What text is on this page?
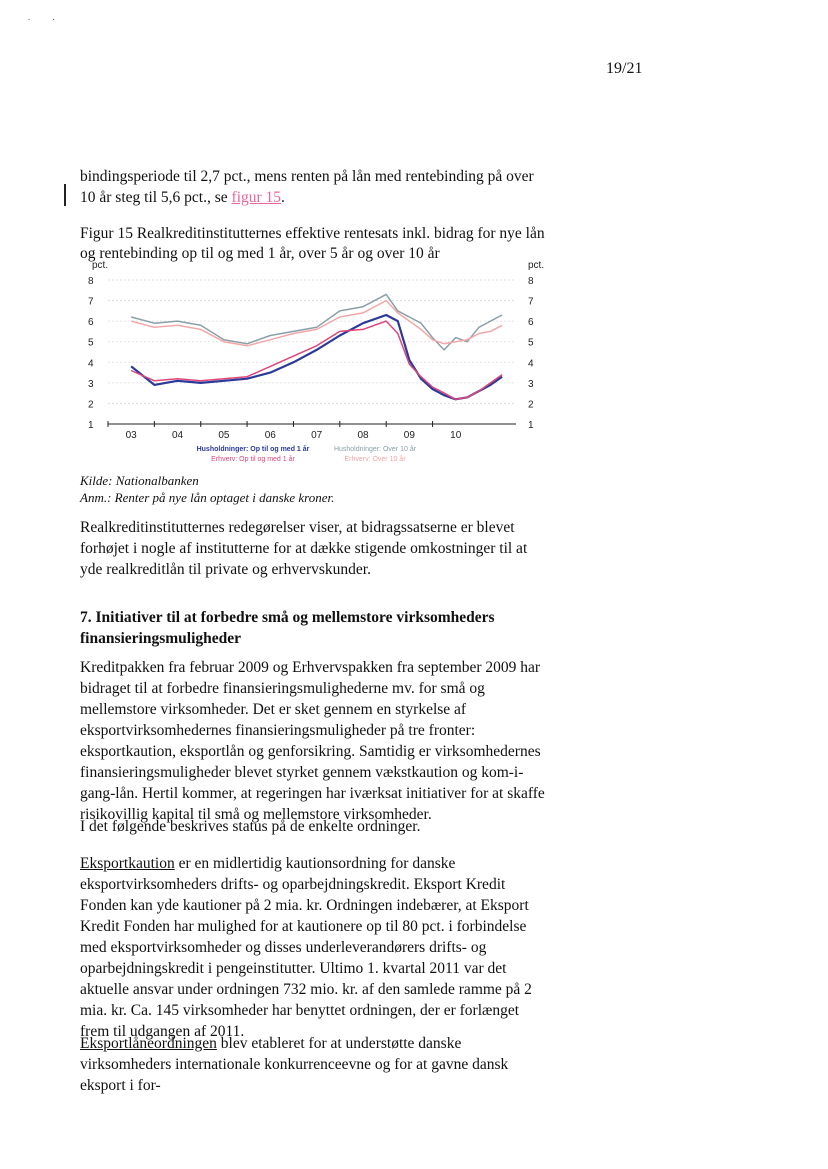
. .
19/21

bindingsperiode til 2,7 pct., mens renten på lån med rentebinding på over

10 år steg til 5,6 pct., se figur 15.

Figur 15 Realkreditinstitutternes effektive rentesats inkl. bidrag for nye lån og rentebinding op til og med 1 år, over 5 år og over 10 år
pct.	pct.
1	1
2	2
3	3
4	4
5	5
6	6
7	7
8	8
03	04	05	06	07	08	09	10
Husholdninger: Op til og med 1 år	Husholdninger: Over 10 år
Erhverv: Op til og med 1 år	Erhverv: Over 10 år
Kilde: Nationalbanken
Anm.: Renter på nye lån optaget i danske kroner.

Realkreditinstitutternes redegørelser viser, at bidragssatserne er blevet forhøjet i nogle af institutterne for at dække stigende omkostninger til at yde realkreditlån til private og erhvervskunder.

7. Initiativer til at forbedre små og mellemstore virksomheders finansieringsmuligheder

Kreditpakken fra februar 2009 og Erhvervspakken fra september 2009 har bidraget til at forbedre finansieringsmulighederne mv. for små og mellemstore virksomheder. Det er sket gennem en styrkelse af eksportvirksomhedernes finansieringsmuligheder på tre fronter: eksportkaution, eksportlån og genforsikring. Samtidig er virksomhedernes finansieringsmuligheder blevet styrket gennem vækstkaution og kom-i-gang-lån. Hertil kommer, at regeringen har iværksat initiativer for at skaffe risikovillig kapital til små og mellemstore virksomheder.

I det følgende beskrives status på de enkelte ordninger.

Eksportkaution er en midlertidig kautionsordning for danske eksportvirksomheders drifts- og oparbejdningskredit. Eksport Kredit Fonden kan yde kautioner på 2 mia. kr. Ordningen indebærer, at Eksport Kredit Fonden har mulighed for at kautionere op til 80 pct. i forbindelse med eksportvirksomheder og disses underleverandørers drifts- og oparbejdningskredit i pengeinstitutter. Ultimo 1. kvartal 2011 var det aktuelle ansvar under ordningen 732 mio. kr. af den samlede ramme på 2 mia. kr. Ca. 145 virksomheder har benyttet ordningen, der er forlænget frem til udgangen af 2011.

Eksportlåneordningen blev etableret for at understøtte danske virksomheders internationale konkurrenceevne og for at gavne dansk eksport i for-
